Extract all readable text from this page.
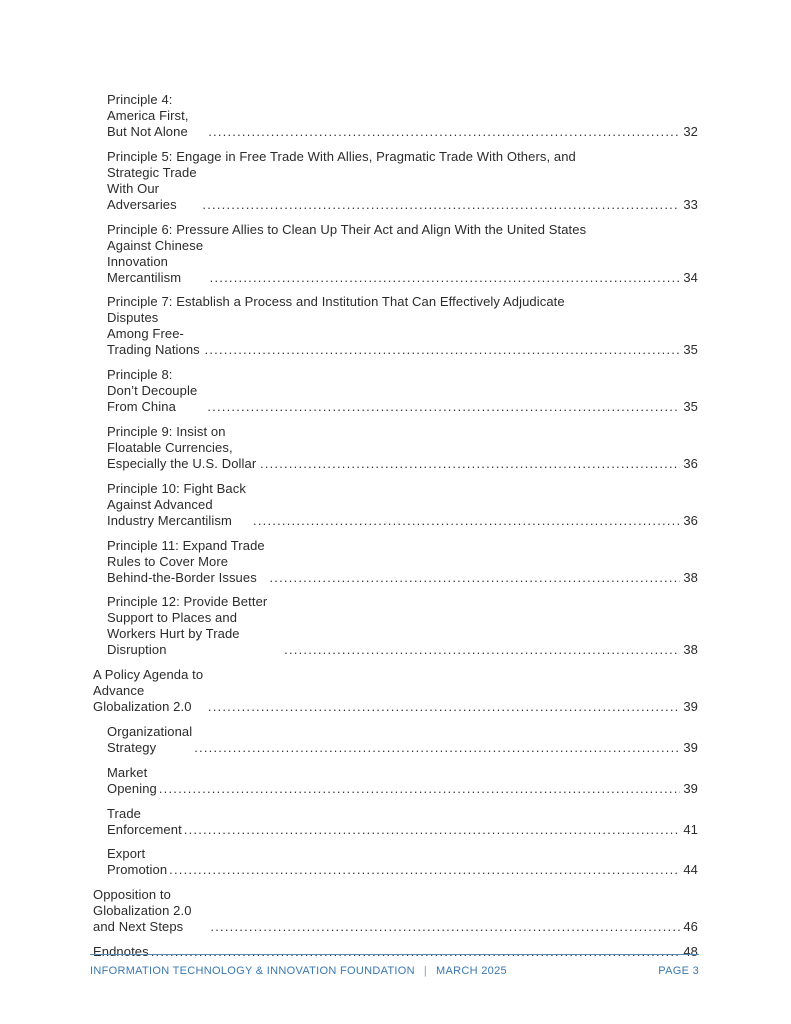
Principle 4: America First, But Not Alone .....	32
Principle 5: Engage in Free Trade With Allies, Pragmatic Trade With Others, and
Strategic Trade With Our Adversaries .....	33
Principle 6: Pressure Allies to Clean Up Their Act and Align With the United States
Against Chinese Innovation Mercantilism .....	34
Principle 7: Establish a Process and Institution That Can Effectively Adjudicate
Disputes Among Free-Trading Nations .....	35
Principle 8: Don’t Decouple From China .....	35
Principle 9: Insist on Floatable Currencies, Especially the U.S. Dollar .....	36
Principle 10: Fight Back Against Advanced Industry Mercantilism .....	36
Principle 11: Expand Trade Rules to Cover More Behind-the-Border Issues .....	38
Principle 12: Provide Better Support to Places and Workers Hurt by Trade Disruption .....	38
A Policy Agenda to Advance Globalization 2.0 .....	39
Organizational Strategy .....	39
Market Opening .....	39
Trade Enforcement .....	41
Export Promotion .....	44
Opposition to Globalization 2.0 and Next Steps .....	46
Endnotes .....	48
INFORMATION TECHNOLOGY & INNOVATION FOUNDATION | MARCH 2025	PAGE 3
